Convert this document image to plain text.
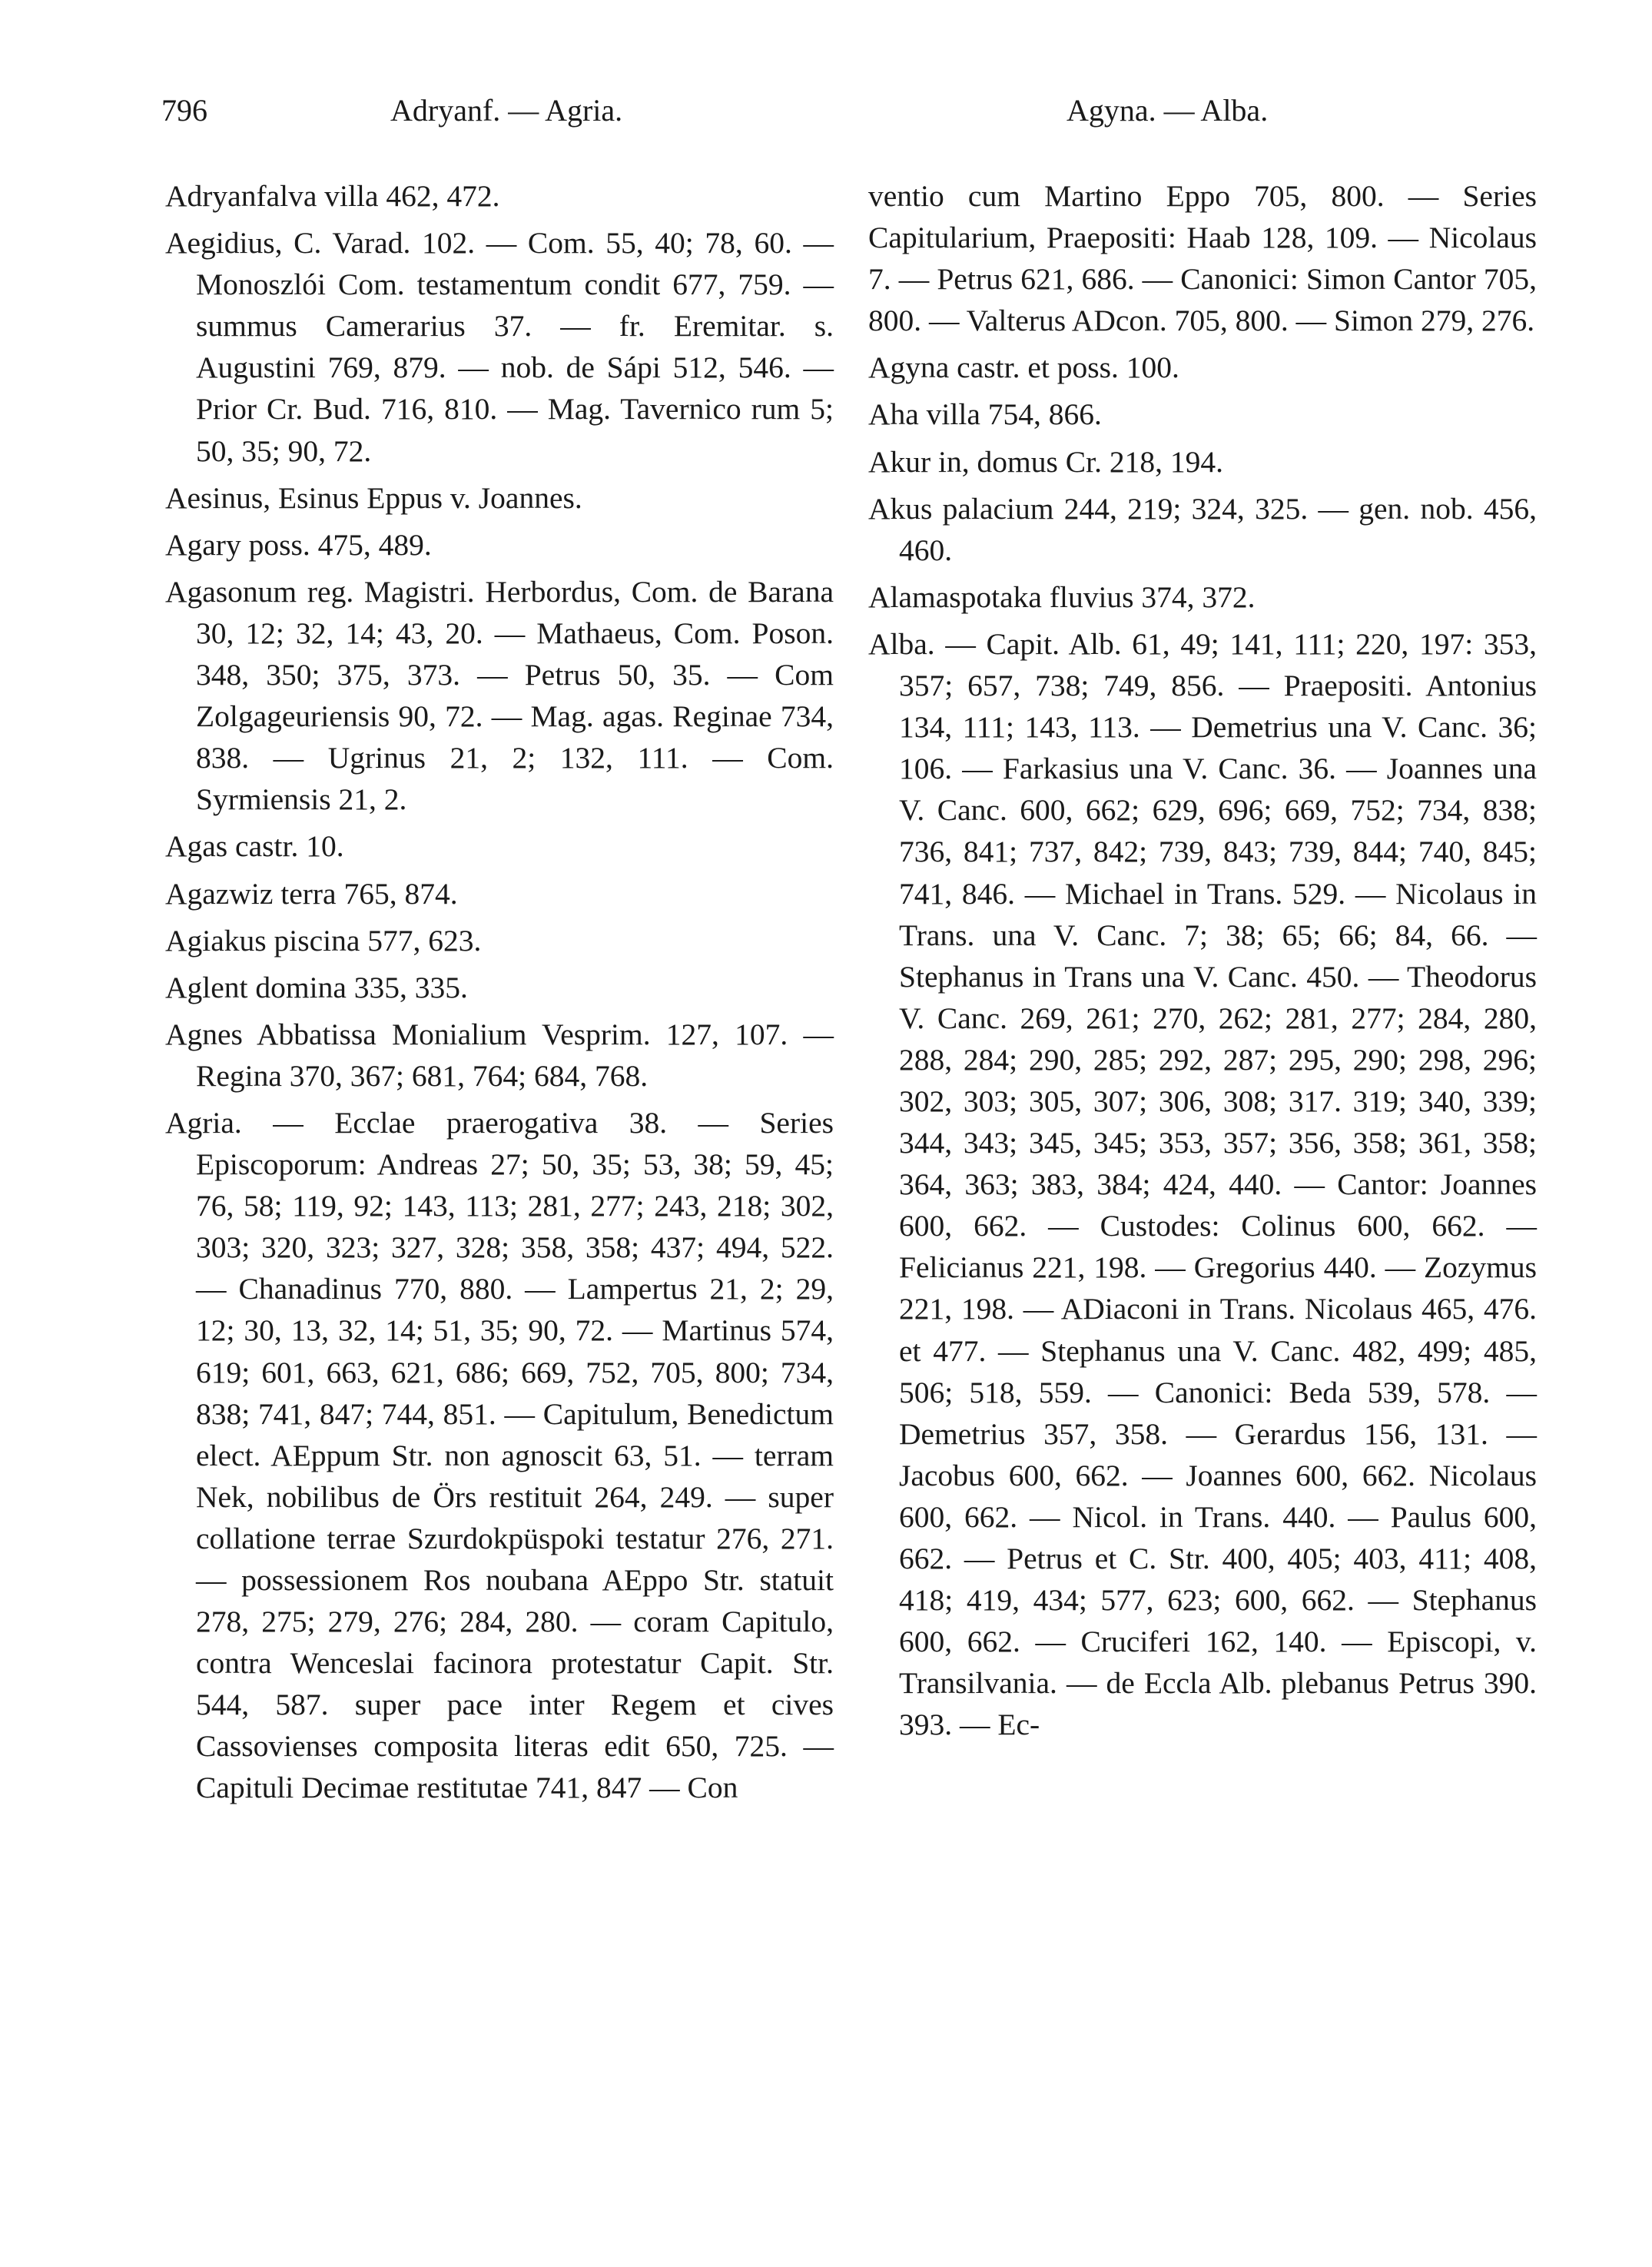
796	Adryanf. — Agria.	Agyna. — Alba.

Adryanfalva villa 462, 472.

Aegidius, C. Varad. 102. — Com. 55, 40; 78, 60. — Monoszlói Com. testamentum condit 677, 759. — summus Camerarius 37. — fr. Eremitar. s. Augustini 769, 879. — nob. de Sápi 512, 546. — Prior Cr. Bud. 716, 810. — Mag. Tavernico rum 5; 50, 35; 90, 72.

Aesinus, Esinus Eppus v. Joannes.

Agary poss. 475, 489.

Agasonum reg. Magistri. Herbordus, Com. de Barana 30, 12; 32, 14; 43, 20. — Mathaeus, Com. Poson. 348, 350; 375, 373. — Petrus 50, 35. — Com Zolgageuriensis 90, 72. — Mag. agas. Reginae 734, 838. — Ugrinus 21, 2; 132, 111. — Com. Syrmiensis 21, 2.

Agas castr. 10.

Agazwiz terra 765, 874.

Agiakus piscina 577, 623.

Aglent domina 335, 335.

Agnes Abbatissa Monialium Vesprim. 127, 107. — Regina 370, 367; 681, 764; 684, 768.

Agria. — Ecclae praerogativa 38. — Series Episcoporum: Andreas 27; 50, 35; 53, 38; 59, 45; 76, 58; 119, 92; 143, 113; 281, 277; 243, 218; 302, 303; 320, 323; 327, 328; 358, 358; 437; 494, 522. — Chanadinus 770, 880. — Lampertus 21, 2; 29, 12; 30, 13, 32, 14; 51, 35; 90, 72. — Martinus 574, 619; 601, 663, 621, 686; 669, 752, 705, 800; 734, 838; 741, 847; 744, 851. — Capitulum, Benedictum elect. AEppum Str. non agnoscit 63, 51. — terram Nek, nobilibus de Örs restituit 264, 249. — super collatione terrae Szurdokpüspoki testatur 276, 271. — possessionem Ros noubana AEppo Str. statuit 278, 275; 279, 276; 284, 280. — coram Capitulo, contra Wenceslai facinora protestatur Capit. Str. 544, 587. super pace inter Regem et cives Cassovienses composita literas edit 650, 725. — Capituli Decimae restitutae 741, 847 — Con

ventio cum Martino Eppo 705, 800. — Series Capitularium, Praepositi: Haab 128, 109. — Nicolaus 7. — Petrus 621, 686. — Canonici: Simon Cantor 705, 800. — Valterus ADcon. 705, 800. — Simon 279, 276.

Agyna castr. et poss. 100.

Aha villa 754, 866.

Akur in, domus Cr. 218, 194.

Akus palacium 244, 219; 324, 325. — gen. nob. 456, 460.

Alamaspotaka fluvius 374, 372.

Alba. — Capit. Alb. 61, 49; 141, 111; 220, 197: 353, 357; 657, 738; 749, 856. — Praepositi. Antonius 134, 111; 143, 113. — Demetrius una V. Canc. 36; 106. — Farkasius una V. Canc. 36. — Joannes una V. Canc. 600, 662; 629, 696; 669, 752; 734, 838; 736, 841; 737, 842; 739, 843; 739, 844; 740, 845; 741, 846. — Michael in Trans. 529. — Nicolaus in Trans. una V. Canc. 7; 38; 65; 66; 84, 66. — Stephanus in Trans una V. Canc. 450. — Theodorus V. Canc. 269, 261; 270, 262; 281, 277; 284, 280, 288, 284; 290, 285; 292, 287; 295, 290; 298, 296; 302, 303; 305, 307; 306, 308; 317. 319; 340, 339; 344, 343; 345, 345; 353, 357; 356, 358; 361, 358; 364, 363; 383, 384; 424, 440. — Cantor: Joannes 600, 662. — Custodes: Colinus 600, 662. — Felicianus 221, 198. — Gregorius 440. — Zozymus 221, 198. — ADiaconi in Trans. Nicolaus 465, 476. et 477. — Stephanus una V. Canc. 482, 499; 485, 506; 518, 559. — Canonici: Beda 539, 578. — Demetrius 357, 358. — Gerardus 156, 131. — Jacobus 600, 662. — Joannes 600, 662. Nicolaus 600, 662. — Nicol. in Trans. 440. — Paulus 600, 662. — Petrus et C. Str. 400, 405; 403, 411; 408, 418; 419, 434; 577, 623; 600, 662. — Stephanus 600, 662. — Cruciferi 162, 140. — Episcopi, v. Transilvania. — de Eccla Alb. plebanus Petrus 390. 393. — Ec-
